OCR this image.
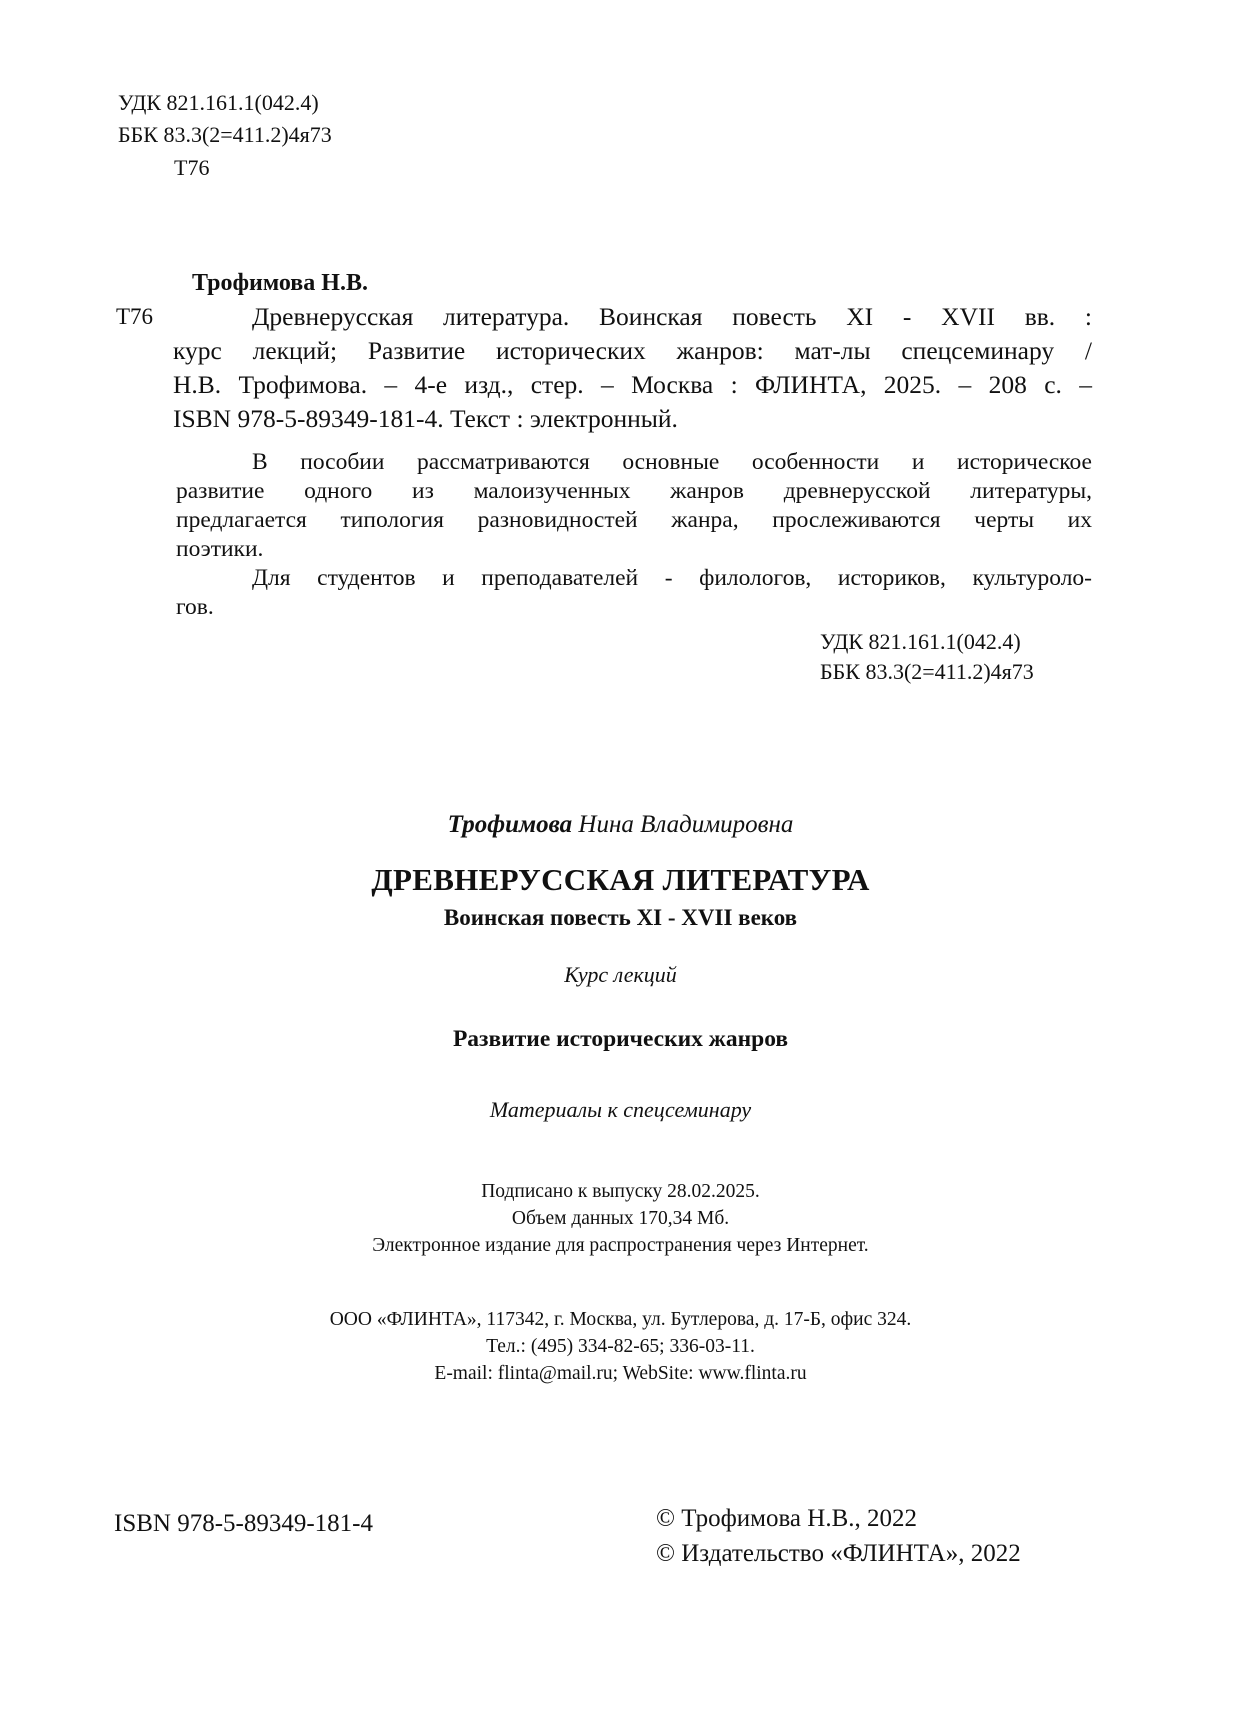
УДК 821.161.1(042.4)
ББК 83.3(2=411.2)4я73
Т76
Трофимова Н.В.
Т76	Древнерусская литература. Воинская повесть XI - XVII вв. :
курс лекций; Развитие исторических жанров: мат-лы спецсеминару /
Н.В. Трофимова. – 4-е изд., стер. – Москва : ФЛИНТА, 2025. – 208 с. –
ISBN 978-5-89349-181-4. Текст : электронный.
В пособии рассматриваются основные особенности и историческое
развитие одного из малоизученных жанров древнерусской литературы,
предлагается типология разновидностей жанра, прослеживаются черты их
поэтики.
Для студентов и преподавателей - филологов, историков, культуроло-
гов.
УДК 821.161.1(042.4)
ББК 83.3(2=411.2)4я73
Трофимова Нина Владимировна
ДРЕВНЕРУССКАЯ ЛИТЕРАТУРА
Воинская повесть XI - XVII веков
Курс лекций
Развитие исторических жанров
Материалы к спецсеминару
Подписано к выпуску 28.02.2025.
Объем данных 170,34 Мб.
Электронное издание для распространения через Интернет.
ООО «ФЛИНТА», 117342, г. Москва, ул. Бутлерова, д. 17-Б, офис 324.
Тел.: (495) 334-82-65; 336-03-11.
E-mail: flinta@mail.ru; WebSite: www.flinta.ru
ISBN 978-5-89349-181-4	© Трофимова Н.В., 2022
© Издательство «ФЛИНТА», 2022
